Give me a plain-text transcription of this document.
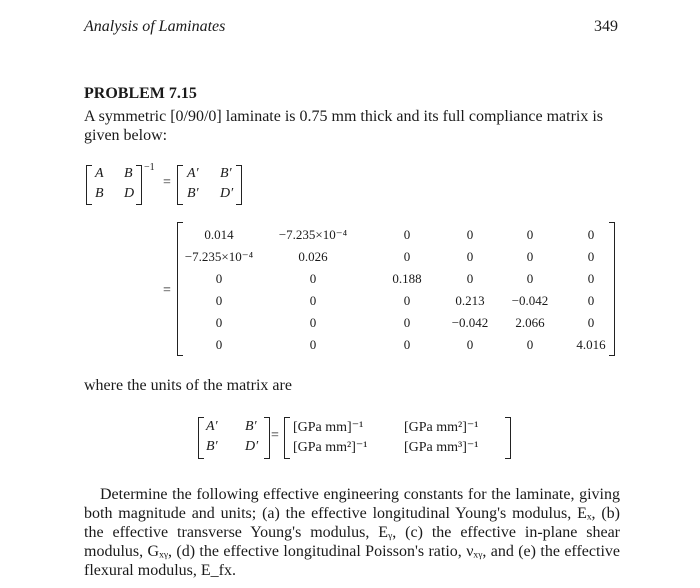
Analysis of Laminates	349
PROBLEM 7.15
A symmetric [0/90/0] laminate is 0.75 mm thick and its full compliance matrix is given below:
A B
B D
−1
=
A′ B′
B′ D′
=
0.014	−7.235×10⁻⁴	0	0	0	0
−7.235×10⁻⁴	0.026	0	0	0	0
0	0	0.188	0	0	0
0	0	0	0.213	−0.042	0
0	0	0	−0.042	2.066	0
0	0	0	0	0	4.016
where the units of the matrix are
A′ B′
B′ D′
=
[GPa mm]⁻¹	[GPa mm²]⁻¹
[GPa mm²]⁻¹	[GPa mm³]⁻¹
Determine the following effective engineering constants for the laminate, giving both magnitude and units; (a) the effective longitudinal Young's modulus, Eₓ, (b) the effective transverse Young's modulus, Eᵧ, (c) the effective in-plane shear modulus, Gₓᵧ, (d) the effective longitudinal Poisson's ratio, νₓᵧ, and (e) the effective flexural modulus, E_fx.
